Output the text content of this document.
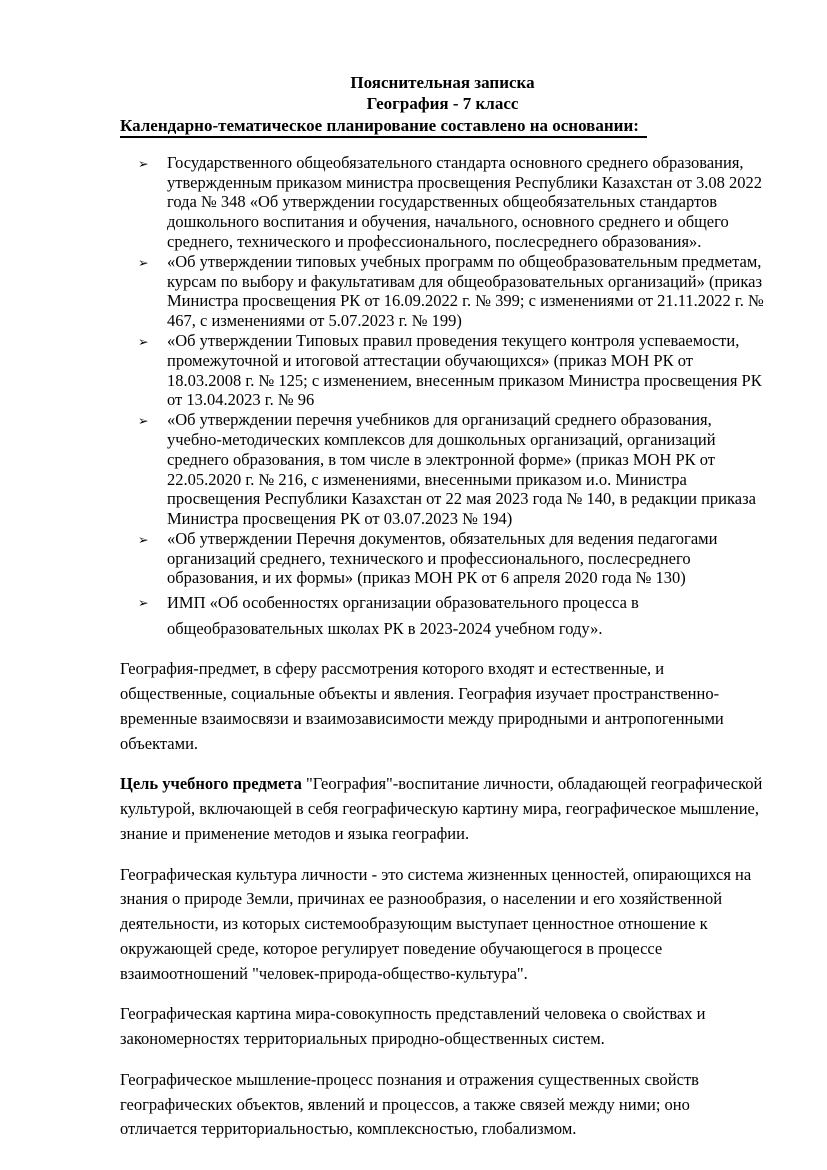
Пояснительная записка

География - 7 класс

Календарно-тематическое планирование составлено на основании:

➢	Государственного общеобязательного стандарта основного среднего образования, утвержденным приказом министра просвещения Республики Казахстан от 3.08 2022 года № 348 «Об утверждении государственных общеобязательных стандартов дошкольного воспитания и обучения, начального, основного среднего и общего среднего, технического и профессионального, послесреднего образования».
➢	«Об утверждении типовых учебных программ по общеобразовательным предметам, курсам по выбору и факультативам для общеобразовательных организаций» (приказ Министра просвещения РК от 16.09.2022 г. № 399; с изменениями от 21.11.2022 г. № 467, с изменениями от 5.07.2023 г. № 199)
➢	«Об утверждении Типовых правил проведения текущего контроля успеваемости, промежуточной и итоговой аттестации обучающихся» (приказ МОН РК от 18.03.2008 г. № 125; с изменением, внесенным приказом Министра просвещения РК от 13.04.2023 г. № 96
➢	«Об утверждении перечня учебников для организаций среднего образования, учебно-методических комплексов для дошкольных организаций, организаций среднего образования, в том числе в электронной форме» (приказ МОН РК от 22.05.2020 г. № 216, с изменениями, внесенными приказом и.о. Министра просвещения Республики Казахстан от 22 мая 2023 года № 140, в редакции приказа Министра просвещения РК от 03.07.2023 № 194)
➢	«Об утверждении Перечня документов, обязательных для ведения педагогами организаций среднего, технического и профессионального, послесреднего образования, и их формы» (приказ МОН РК от 6 апреля 2020 года № 130)
➢	ИМП «Об особенностях организации образовательного процесса в общеобразовательных школах РК в 2023-2024 учебном году».

География-предмет, в сферу рассмотрения которого входят и естественные, и общественные, социальные объекты и явления. География изучает пространственно-временные взаимосвязи и взаимозависимости между природными и антропогенными объектами.

Цель учебного предмета "География"-воспитание личности, обладающей географической культурой, включающей в себя географическую картину мира, географическое мышление, знание и применение методов и языка географии.

Географическая культура личности - это система жизненных ценностей, опирающихся на знания о природе Земли, причинах ее разнообразия, о населении и его хозяйственной деятельности, из которых системообразующим выступает ценностное отношение к окружающей среде, которое регулирует поведение обучающегося в процессе взаимоотношений "человек-природа-общество-культура".

Географическая картина мира-совокупность представлений человека о свойствах и закономерностях территориальных природно-общественных систем.

Географическое мышление-процесс познания и отражения существенных свойств географических объектов, явлений и процессов, а также связей между ними; оно отличается территориальностью, комплексностью, глобализмом.
